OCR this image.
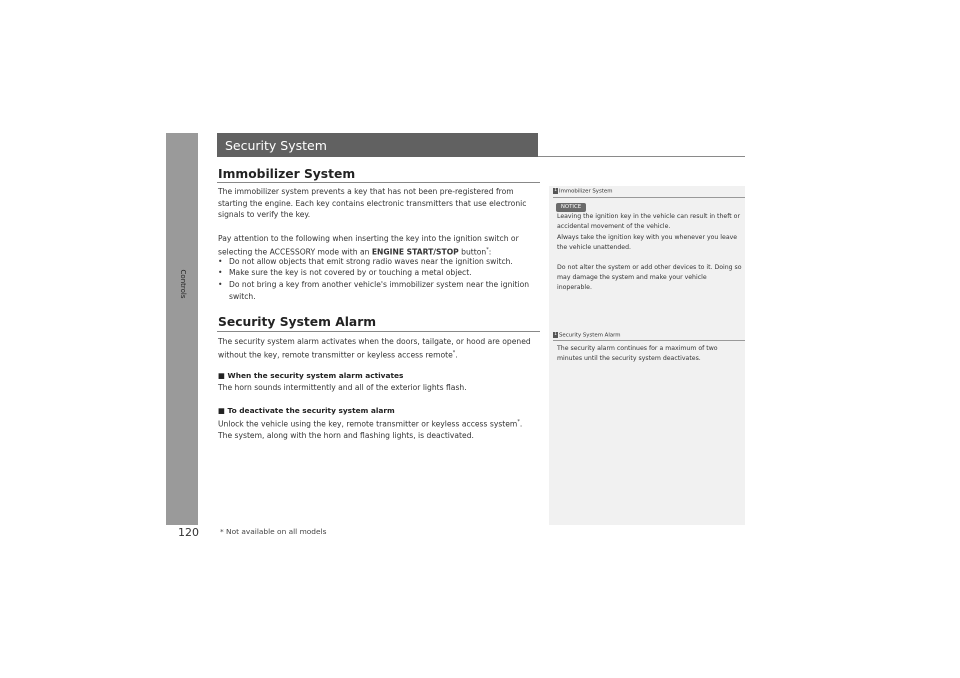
Controls
Security System
Immobilizer System
The immobilizer system prevents a key that has not been pre-registered from starting the engine. Each key contains electronic transmitters that use electronic signals to verify the key.
Pay attention to the following when inserting the key into the ignition switch or selecting the ACCESSORY mode with an ENGINE START/STOP button*:
• Do not allow objects that emit strong radio waves near the ignition switch.
• Make sure the key is not covered by or touching a metal object.
• Do not bring a key from another vehicle's immobilizer system near the ignition switch.
Security System Alarm
The security system alarm activates when the doors, tailgate, or hood are opened without the key, remote transmitter or keyless access remote*.
■ When the security system alarm activates
The horn sounds intermittently and all of the exterior lights flash.
■ To deactivate the security system alarm
Unlock the vehicle using the key, remote transmitter or keyless access system*. The system, along with the horn and flashing lights, is deactivated.
1 Immobilizer System
NOTICE
Leaving the ignition key in the vehicle can result in theft or accidental movement of the vehicle.
Always take the ignition key with you whenever you leave the vehicle unattended.
Do not alter the system or add other devices to it. Doing so may damage the system and make your vehicle inoperable.
1 Security System Alarm
The security alarm continues for a maximum of two minutes until the security system deactivates.
120	* Not available on all models
